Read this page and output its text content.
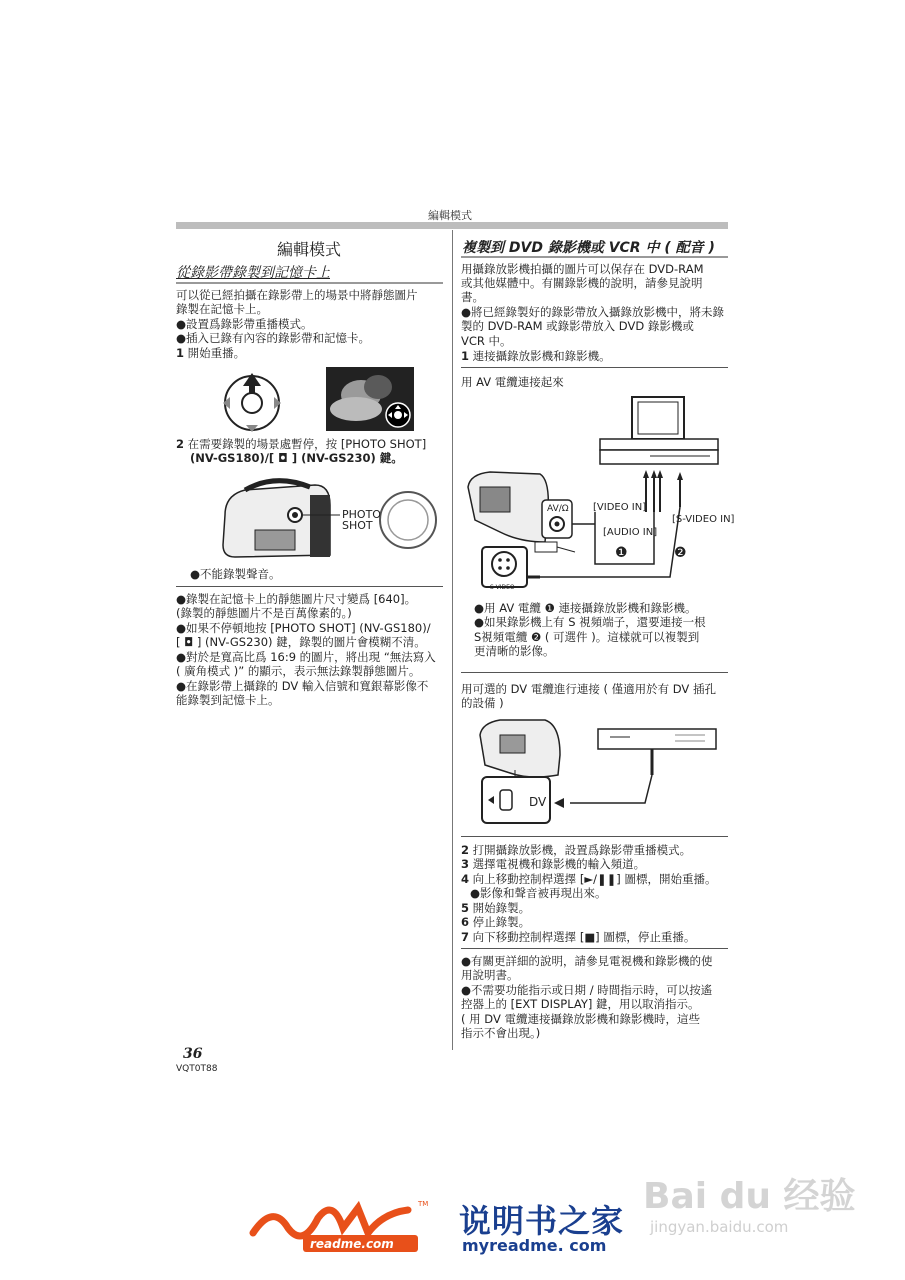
編輯模式
編輯模式
從錄影帶錄製到記憶卡上
可以從已經拍攝在錄影帶上的場景中將靜態圖片
錄製在記憶卡上。
●設置爲錄影帶重播模式。
●插入已錄有內容的錄影帶和記憶卡。
1 開始重播。
2 在需要錄製的場景處暫停，按 [PHOTO SHOT]
(NV-GS180)/[ ◘ ] (NV-GS230) 鍵。
PHOTO
SHOT
●不能錄製聲音。
●錄製在記憶卡上的靜態圖片尺寸變爲 [640]。
(錄製的靜態圖片不是百萬像素的。)
●如果不停頓地按 [PHOTO SHOT] (NV-GS180)/
[ ◘ ] (NV-GS230) 鍵，錄製的圖片會模糊不清。
●對於是寬高比爲 16:9 的圖片，將出現 “無法寫入
( 廣角模式 )” 的顯示，表示無法錄製靜態圖片。
●在錄影帶上攝錄的 DV 輸入信號和寬銀幕影像不
能錄製到記憶卡上。
複製到 DVD 錄影機或 VCR 中 ( 配音 )
用攝錄放影機拍攝的圖片可以保存在 DVD-RAM
或其他媒體中。有關錄影機的說明，請參見說明
書。
●將已經錄製好的錄影帶放入攝錄放影機中，將未錄
製的 DVD-RAM 或錄影帶放入 DVD 錄影機或
VCR 中。
1 連接攝錄放影機和錄影機。
用 AV 電纜連接起來
[VIDEO IN]
[AUDIO IN]
[S-VIDEO IN]
AV/Ω
S-VIDEO
❶	❷
●用 AV 電纜 ❶ 連接攝錄放影機和錄影機。
●如果錄影機上有 S 視頻端子，還要連接一根
S視頻電纜 ❷ ( 可選件 )。這樣就可以複製到
更清晰的影像。
用可選的 DV 電纜進行連接 ( 僅適用於有 DV 插孔
的設備 )
DV
2 打開攝錄放影機，設置爲錄影帶重播模式。
3 選擇電視機和錄影機的輸入頻道。
4 向上移動控制桿選擇 [►/❚❚] 圖標，開始重播。
●影像和聲音被再現出來。
5 開始錄製。
6 停止錄製。
7 向下移動控制桿選擇 [■] 圖標，停止重播。
●有關更詳細的說明，請參見電視機和錄影機的使
用說明書。
●不需要功能指示或日期 / 時間指示時，可以按遙
控器上的 [EXT DISPLAY] 鍵，用以取消指示。
( 用 DV 電纜連接攝錄放影機和錄影機時，這些
指示不會出現。)
36
VQT0T88
TM
readme.com
说明书之家
myreadme. com
Bai du 经验
jingyan.baidu.com
